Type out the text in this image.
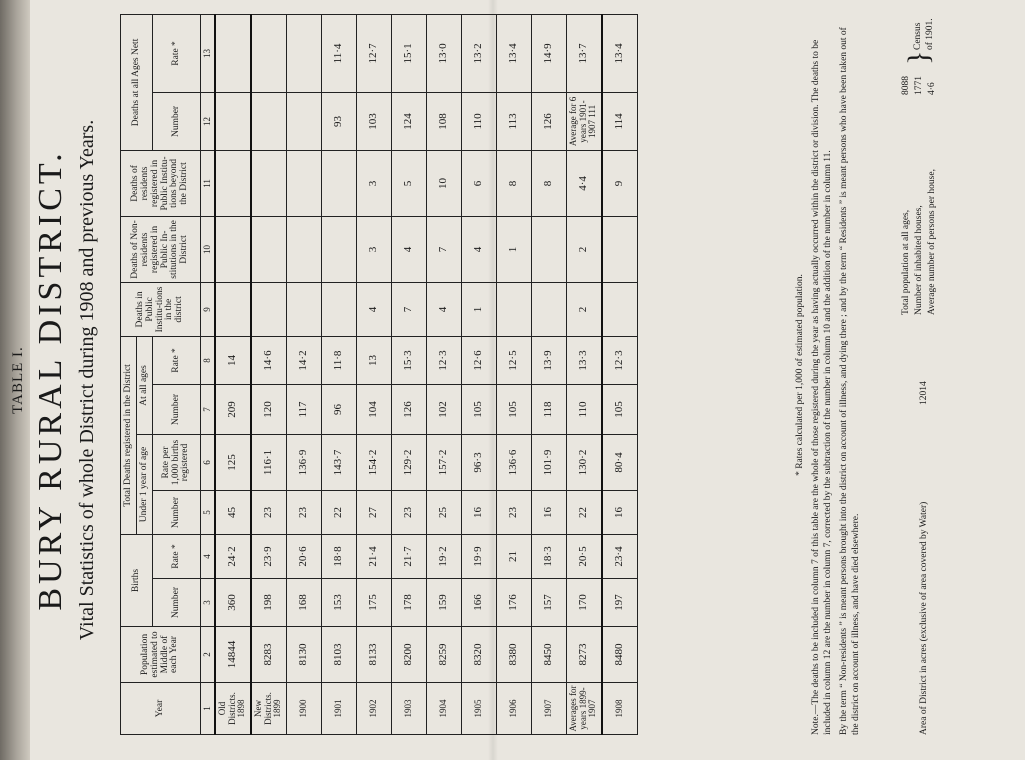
TABLE I. BURY RURAL DISTRICT. Vital Statistics of whole District during 1908 and previous Years.
Year	Population estimated to Middle of each Year	Births		Total Deaths registered in the District				Deaths in Public Institu-tions in the district	Deaths of Non-residents registered in Public In-stitutions in the District	Deaths of residents registered in Public Institu-tions beyond the District	Deaths at all Ages Nett	
				Under 1 year of age		At all ages						
		Number	Rate *	Number	Rate per 1,000 births registered	Number	Rate *				Number	Rate *
1	2	3	4	5	6	7	8	9	10	11	12	13
Old Districts. 1898	14844	360	24·2	45	125	209	14					
New Districts. 1899	8283	198	23·9	23	116·1	120	14·6					
1900	8130	168	20·6	23	136·9	117	14·2					
1901	8103	153	18·8	22	143·7	96	11·8				93	11·4
1902	8133	175	21·4	27	154·2	104	13	4	3	3	103	12·7
1903	8200	178	21·7	23	129·2	126	15·3	7	4	5	124	15·1
1904	8259	159	19·2	25	157·2	102	12·3	4	7	10	108	13·0
1905	8320	166	19·9	16	96·3	105	12·6	1	4	6	110	13·2
1906	8380	176	21	23	136·6	105	12·5		1	8	113	13·4
1907	8450	157	18·3	16	101·9	118	13·9			8	126	14·9
Averages for years 1899-1907	8273	170	20·5	22	130·2	110	13·3	2	2	4·4	Average for 6 years 1901-1907 111	13·7
1908	8480	197	23·4	16	80·4	105	12·3			9	114	13·4

* Rates calculated per 1,000 of estimated population. Note.—The deaths to be included in column 7 of this table are the whole of those registered during the year as having actually occurred within the district or division. The deaths to be included in column 12 are the number in column 7, corrected by the subtraction of the number in column 10 and the addition of the number in column 11. By the term “ Non-residents ” is meant persons brought into the district on account of illness, and dying there ; and by the term “ Residents ” is meant persons who have been taken out of the district on account of illness, and have died elsewhere.	Area of District in acres (exclusive of area covered by Water)
12014
Total population at all ages,
8088
Number of inhabited houses,
1771
Average number of persons per house,
4·6
}
Census of 1901.
